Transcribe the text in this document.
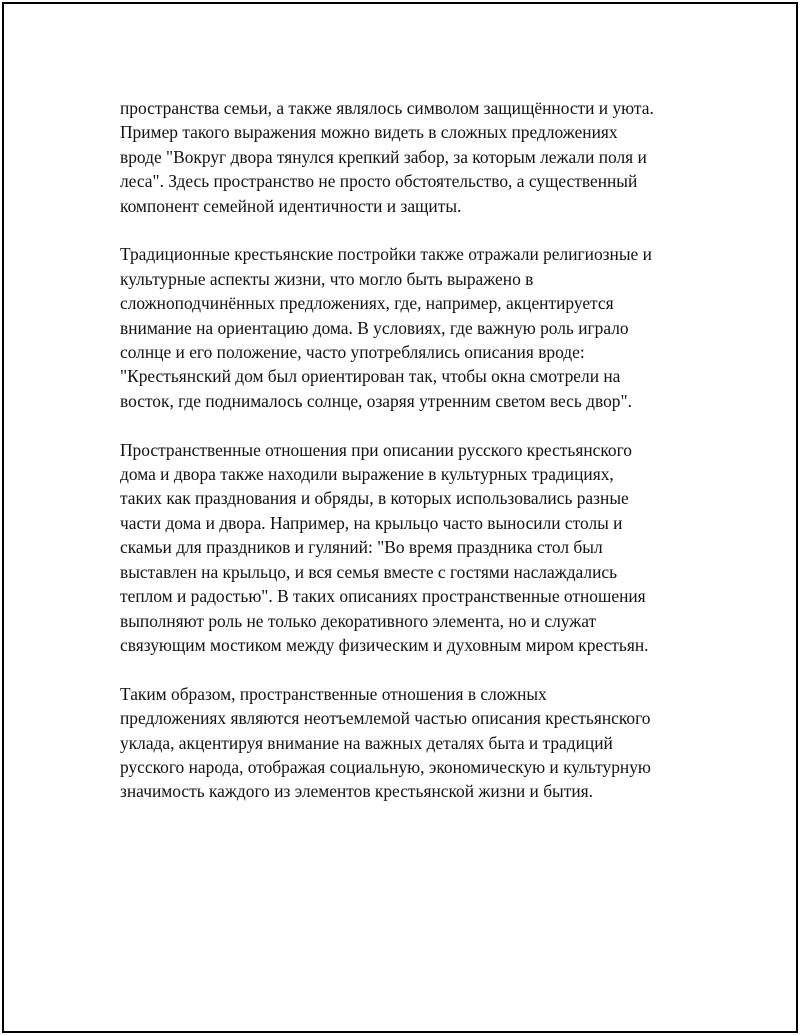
пространства семьи, а также являлось символом защищённости и уюта.
Пример такого выражения можно видеть в сложных предложениях
вроде "Вокруг двора тянулся крепкий забор, за которым лежали поля и
леса". Здесь пространство не просто обстоятельство, а существенный
компонент семейной идентичности и защиты.

Традиционные крестьянские постройки также отражали религиозные и
культурные аспекты жизни, что могло быть выражено в
сложноподчинённых предложениях, где, например, акцентируется
внимание на ориентацию дома. В условиях, где важную роль играло
солнце и его положение, часто употреблялись описания вроде:
"Крестьянский дом был ориентирован так, чтобы окна смотрели на
восток, где поднималось солнце, озаряя утренним светом весь двор".

Пространственные отношения при описании русского крестьянского
дома и двора также находили выражение в культурных традициях,
таких как празднования и обряды, в которых использовались разные
части дома и двора. Например, на крыльцо часто выносили столы и
скамьи для праздников и гуляний: "Во время праздника стол был
выставлен на крыльцо, и вся семья вместе с гостями наслаждались
теплом и радостью". В таких описаниях пространственные отношения
выполняют роль не только декоративного элемента, но и служат
связующим мостиком между физическим и духовным миром крестьян.

Таким образом, пространственные отношения в сложных
предложениях являются неотъемлемой частью описания крестьянского
уклада, акцентируя внимание на важных деталях быта и традиций
русского народа, отображая социальную, экономическую и культурную
значимость каждого из элементов крестьянской жизни и бытия.
